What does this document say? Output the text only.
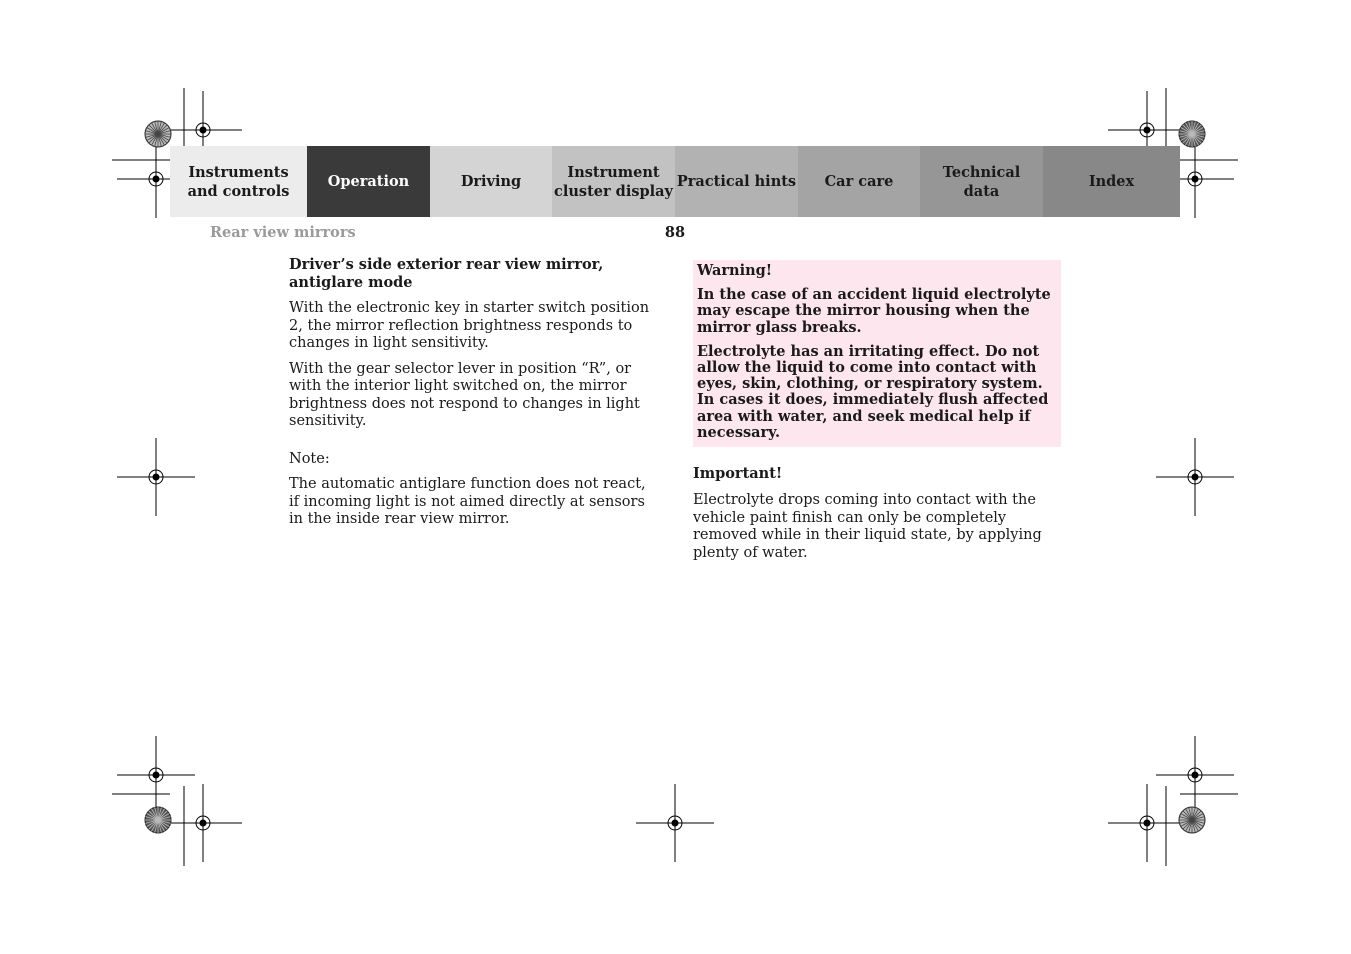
Instruments
and controls
Operation	Driving
Instrument
cluster display
Practical hints	Car care
Technical
data
Index
Rear view mirrors	88
Driver’s side exterior rear view mirror,
antiglare mode

With the electronic key in starter switch position 2, the mirror reflection brightness responds to changes in light sensitivity.

With the gear selector lever in position “R”, or with the interior light switched on, the mirror brightness does not respond to changes in light sensitivity.

Note:

The automatic antiglare function does not react, if incoming light is not aimed directly at sensors in the inside rear view mirror.

Warning!

In the case of an accident liquid electrolyte may escape the mirror housing when the mirror glass breaks.

Electrolyte has an irritating effect. Do not allow the liquid to come into contact with eyes, skin, clothing, or respiratory system. In cases it does, immediately flush affected area with water, and seek medical help if necessary.

Important!

Electrolyte drops coming into contact with the vehicle paint finish can only be completely removed while in their liquid state, by applying plenty of water.
